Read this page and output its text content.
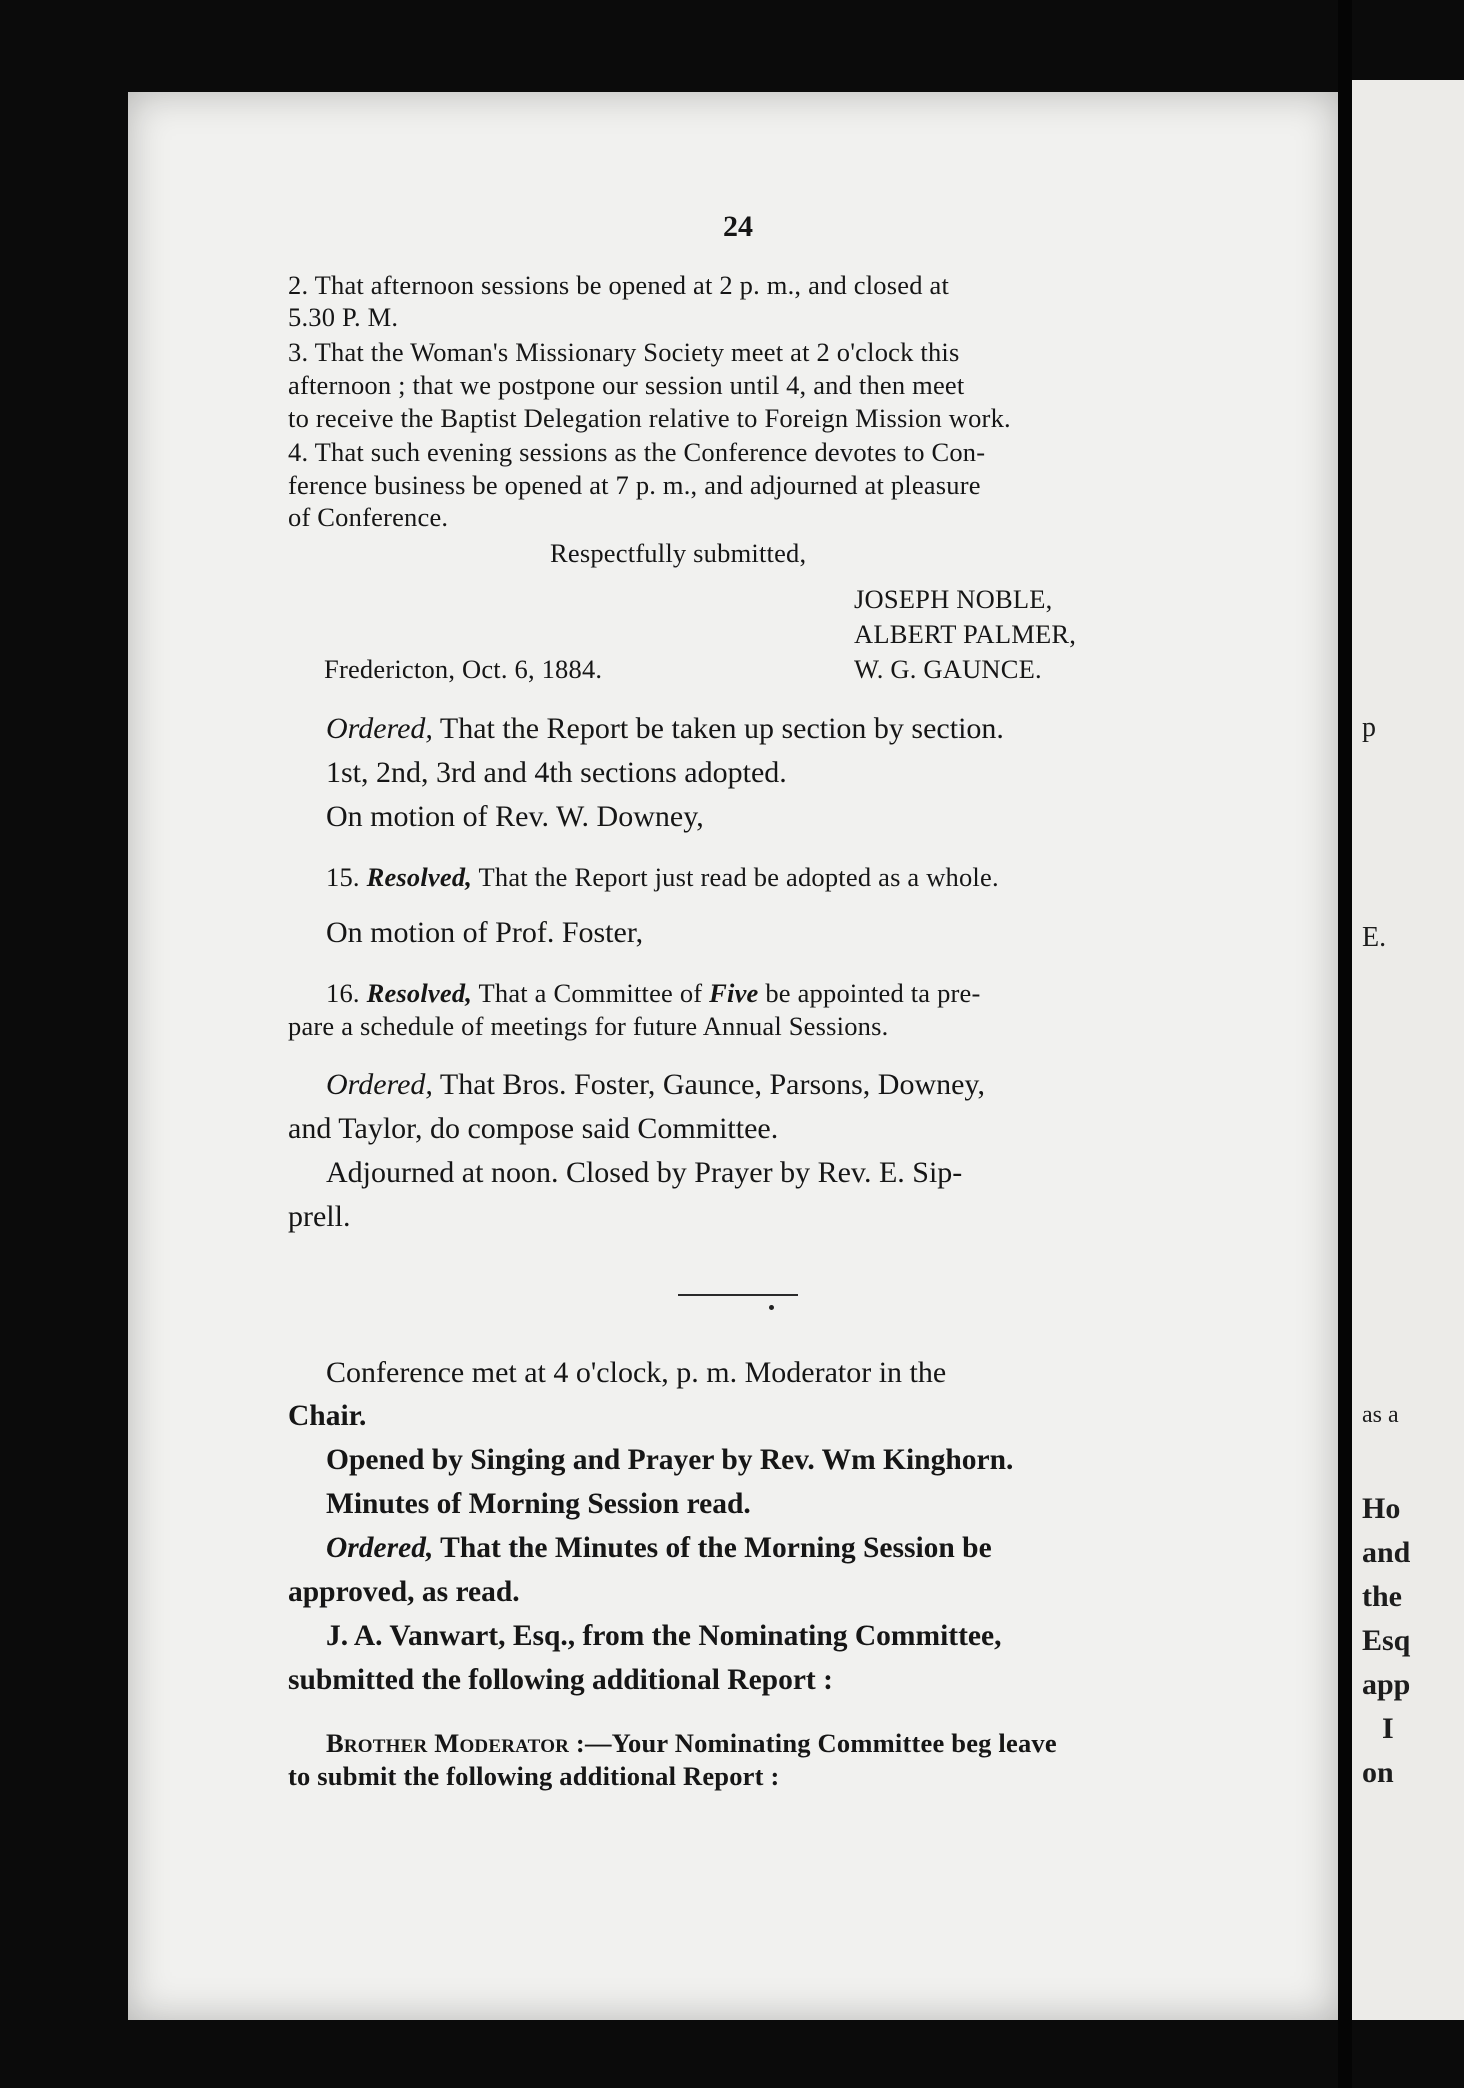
24
2. That afternoon sessions be opened at 2 p. m., and closed at
5.30 P. M.
3. That the Woman's Missionary Society meet at 2 o'clock this
afternoon ; that we postpone our session until 4, and then meet
to receive the Baptist Delegation relative to Foreign Mission work.
4. That such evening sessions as the Conference devotes to Con-
ference business be opened at 7 p. m., and adjourned at pleasure
of Conference.
Respectfully submitted,
JOSEPH NOBLE,
ALBERT PALMER,
W. G. GAUNCE.
Fredericton, Oct. 6, 1884.
Ordered, That the Report be taken up section by section.
1st, 2nd, 3rd and 4th sections adopted.
On motion of Rev. W. Downey,
15. Resolved, That the Report just read be adopted as a whole.
On motion of Prof. Foster,
16. Resolved, That a Committee of Five be appointed ta pre-
pare a schedule of meetings for future Annual Sessions.
Ordered, That Bros. Foster, Gaunce, Parsons, Downey,
and Taylor, do compose said Committee.
Adjourned at noon. Closed by Prayer by Rev. E. Sip-
prell.
Conference met at 4 o'clock, p. m. Moderator in the
Chair.
Opened by Singing and Prayer by Rev. Wm Kinghorn.
Minutes of Morning Session read.
Ordered, That the Minutes of the Morning Session be
approved, as read.
J. A. Vanwart, Esq., from the Nominating Committee,
submitted the following additional Report :
Brother Moderator :—Your Nominating Committee beg leave
to submit the following additional Report :
p
E.
as a
Ho
and
the
Esq
app
I
on
